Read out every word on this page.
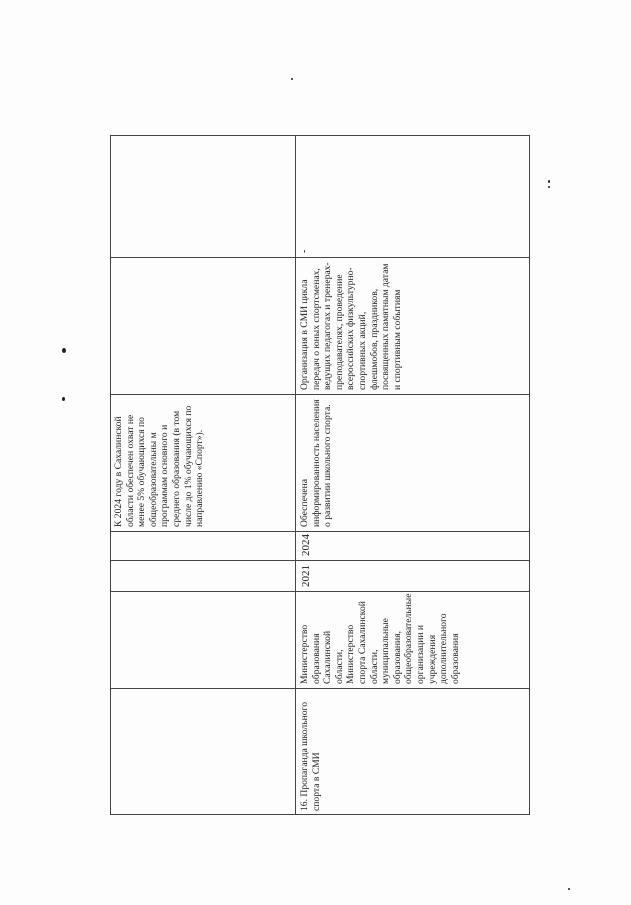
К 2024 году в Сахалинской области обеспечен охват не менее 5% обучающихся по общеобразовательны м программам основного и среднего образования (в том числе до 1% обучающихся по направлению «Спорт»).
16. Пропаганда школьного спорта в СМИ
Министерство образования Сахалинской области, Министерство спорта Сахалинской области, муниципальные образования, общеобразовательные организации и учреждения дополнительного образования
2021
2024
Обеспечена информированность населения о развитии школьного спорта.
Организация в СМИ цикла передач о юных спортсменах, ведущих педагогах и тренерах-преподавателях, проведение всероссийских физкультурно-спортивных акций, флешмобов, праздников, посвященных памятным датам и спортивным событиям
-
